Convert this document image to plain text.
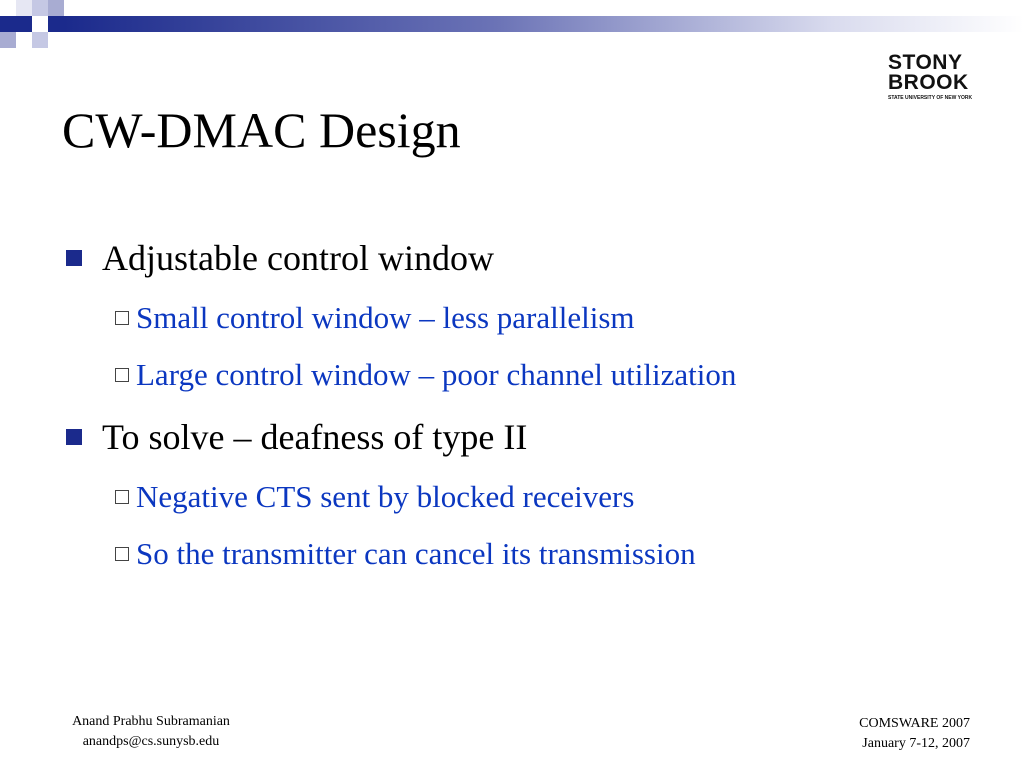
STONY
BROOK
STATE UNIVERSITY OF NEW YORK
CW-DMAC Design
Adjustable control window
Small control window – less parallelism
Large control window – poor channel utilization
To solve – deafness of type II
Negative CTS sent by blocked receivers
So the transmitter can cancel its transmission
Anand Prabhu Subramanian
anandps@cs.sunysb.edu
COMSWARE 2007
January 7-12, 2007
